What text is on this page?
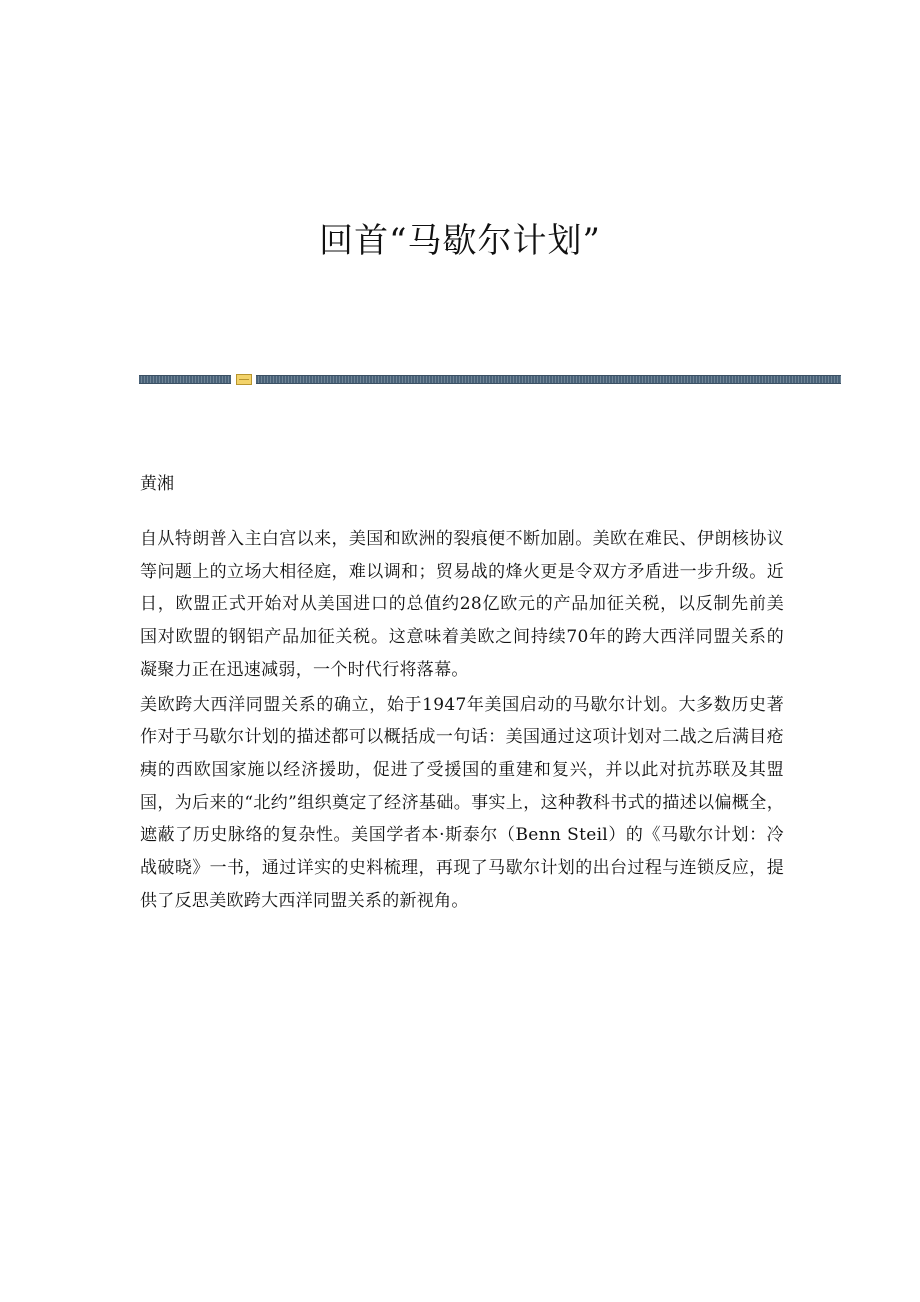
回首“马歇尔计划”

黄湘

自从特朗普入主白宫以来，美国和欧洲的裂痕便不断加剧。美欧在难民、伊朗核协议等问题上的立场大相径庭，难以调和；贸易战的烽火更是令双方矛盾进一步升级。近日，欧盟正式开始对从美国进口的总值约28亿欧元的产品加征关税，以反制先前美国对欧盟的钢铝产品加征关税。这意味着美欧之间持续70年的跨大西洋同盟关系的凝聚力正在迅速减弱，一个时代行将落幕。

美欧跨大西洋同盟关系的确立，始于1947年美国启动的马歇尔计划。大多数历史著作对于马歇尔计划的描述都可以概括成一句话：美国通过这项计划对二战之后满目疮痍的西欧国家施以经济援助，促进了受援国的重建和复兴，并以此对抗苏联及其盟国，为后来的“北约”组织奠定了经济基础。事实上，这种教科书式的描述以偏概全，遮蔽了历史脉络的复杂性。美国学者本·斯泰尔（Benn Steil）的《马歇尔计划：冷战破晓》一书，通过详实的史料梳理，再现了马歇尔计划的出台过程与连锁反应，提供了反思美欧跨大西洋同盟关系的新视角。
